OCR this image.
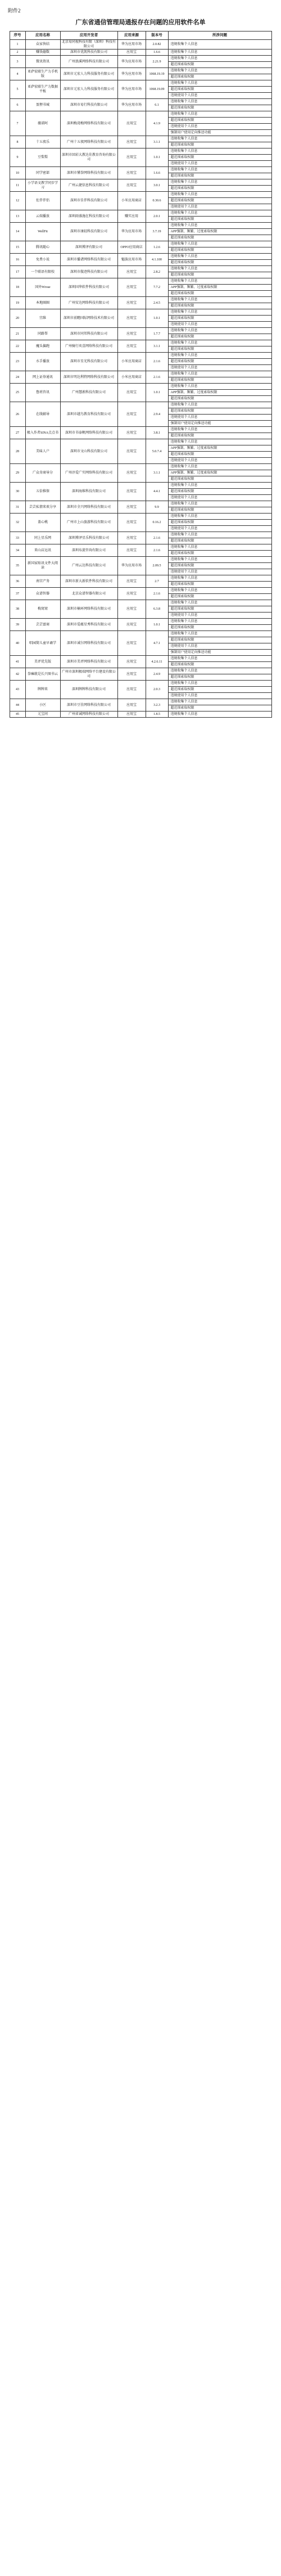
附件2
广东省通信管理局通报存在问题的应用软件名单
序号	应用名称	应用开发者	应用来源	版本号	所涉问题
1	众家快结	北京易同视科技有限（深圳）科技有限公司	华为应用市场	2.0.82	违规收集个人信息
2	赚钱德数	深圳市优凯科技有限公司	应用宝	1.6.6	违规收集个人信息
3	微讯资讯	广州浪溪网络科技有限公司	华为应用市场	2.21.9	违规收集个人信息
					超范围索取权限
4	亚萨宏联生产力手机版	深圳市元宏人力科技服务有限公司	华为应用市场	1068.19.19	违规收集个人信息
					超范围索取权限
5	亚萨宏联生产力数据平板	深圳市元宏人力科技服务有限公司	华为应用市场	1068.19.09	违规收集个人信息
					超范围索取权限
					违规使用个人信息
6	盈狸书城	深圳市易行科技有限公司	华为应用市场	6.1	违规收集个人信息
					超范围索取权限
7	薇诺阿	深圳梅湾梅网络科技有限公司	应用宝	4.1.9	违规收集个人信息
					超范围索取权限
					违规使用个人信息
					强制用户使用定向推送功能
8	十五夜乐	广州十五夜网络科技有限公司	应用宝	3.1.1	违规收集个人信息
					超范围索取权限
9	豆梨梨	深圳市回彩大教达佳教育咨询有限公司	应用宝	1.0.1	违规收集个人信息
					超范围索取权限
					违规使用个人信息
10	同学密部	深圳市懂拳网络科技有限公司	应用宝	1.6.6	违规收集个人信息
					超范围索取权限
11	小学语文教学同步学习	广州云捷信息科技有限公司	应用宝	3.0.1	违规收集个人信息
					超范围索取权限
12	佐伴伴侣	深圳市佳伴科技有限公司	小米应用商店	0.30.6	违规收集个人信息
					超范围索取权限
					违规使用个人信息
13	云端播放	深圳雨盛施在科技有限公司	赚实应用	2.0.1	违规收集个人信息
					超范围索取权限
14	WellFit	深圳市康轻科技有限公司	华为应用市场	3.7.19	违规收集个人信息
					APP强制、频繁、过度索取权限
					超范围索取权限
15	腾讯随心	深圳博泽有限公司	OPPO应用商店	1.2.6	违规收集个人信息
					超范围索取权限
16	免费小说	深圳市播诸网络科技有限公司	魅族应用市场	4.1.100	违规收集个人信息
					超范围索取权限
17	一个联语有限校	深圳市傲迹科技有限公司	应用宝	2.8.2	违规收集个人信息
					超范围索取权限
18	国外Wrose	深圳国华软件科技有限公司	应用宝	7.7.2	违规收集个人信息
					APP强制、频繁、过度索取权限
					超范围索取权限
19	本地圈圈	广州安达网络科技有限公司	应用宝	2.4.5	违规收集个人信息
					超范围索取权限
20	宜维	深圳市前瞻国际网络技术有限公司	应用宝	1.0.1	违规收集个人信息
					超范围索取权限
					违规使用个人信息
21	同路帮	深圳市同邦科技有限公司	应用宝	1.7.7	违规收集个人信息
					超范围索取权限
22	魔头偏跑	广州骑行奕喜网络科技有限公司	应用宝	3.1.1	违规收集个人信息
					超范围索取权限
23	水手播放	深圳市星光科技有限公司	小米应用商店	2.1.6	违规收集个人信息
					超范围索取权限
					违规使用个人信息
24	网上证券通讯	深圳市明达利特网络科技有限公司	小米应用商店	2.1.6	违规收集个人信息
					超范围索取权限
25	鲁班咨讯	广州慧淞科技有限公司	应用宝	1.0.1	违规收集个人信息
					APP强制、频繁、过度索取权限
					超范围索取权限
26	在线辅导	深圳市越鸟教育科技有限公司	应用宝	2.9.4	违规收集个人信息
					超范围索取权限
					违规使用个人信息
					强制用户使用定向推送功能
27	极入作者SINA点点书	深圳市书泰帆网络科技有限公司	应用宝	3.8.1	违规收集个人信息
					超范围索取权限
28	美味人户	深圳市文山科技有限公司	应用宝	5.0.7.4	违规收集个人信息
					APP强制、频繁、过度索取权限
					超范围索取权限
					违规使用个人信息
29	广众奇商导分	广州淳爱广实网络科技有限公司	应用宝	3.1.1	违规收集个人信息
					APP强制、频繁、过度索取权限
					超范围索取权限
30	五倍推保	深圳海维科技有限公司	应用宝	4.4.1	违规收集个人信息
					超范围索取权限
					违规使用个人信息
31	芸芸私情来欢分享	深圳市全兴网络科技有限公司	应用宝	9.9	违规收集个人信息
					超范围索取权限
32	盖心桃	广州市上山旅游科技有限公司	应用宝	0.16.2	违规收集个人信息
					超范围索取权限
					违规使用个人信息
33	同上星乐网	深圳博泽星乐科技有限公司	应用宝	2.1.6	违规收集个人信息
					超范围索取权限
34	来山店远讯	深圳布旋咨询有限公司	应用宝	2.1.6	违规收集个人信息
					超范围索取权限
35	新国家贴讯文件大阅读	广州云达科技有限公司	华为应用市场	2.09.5	违规收集个人信息
					超范围索取权限
					违规使用个人信息
36	南宫产务	深圳市新大新软件科技有限公司	应用宝	2.7	违规收集个人信息
					超范围索取权限
37	众谱智器	北京众谱智器有限公司	应用宝	2.1.6	违规收集个人信息
					超范围索取权限
38	梅窝窝	深圳市楠环网络科技有限公司	应用宝	6.3.8	违规收集个人信息
					超范围索取权限
					违规使用个人信息
39	芸芸富商	深圳市爱蕴星秀科技有限公司	应用宝	1.0.1	违规收集个人信息
					超范围索取权限
40	唱园简儿童早诵学	深圳市诚尔网络科技有限公司	应用宝	4.7.1	违规收集个人信息
					超范围索取权限
					违规使用个人信息
					强制用户使用定向推送功能
41	美评优先版	深圳市美评网络科技有限公司	应用宝	4.2.6.11	违规收集个人信息
					超范围索取权限
42	拳瘫就是长兴图书云	广州市深圳极端网络平台建设有限公司	应用宝	2.4.9	违规收集个人信息
					超范围索取权限
43	牌牌来	深圳牌牌科技有限公司	应用宝	2.0.3	违规收集个人信息
					超范围索取权限
					违规使用个人信息
44	小区	深圳市豆佳网络科技有限公司	应用宝	3.2.3	违规收集个人信息
					超范围索取权限
45	元宝问	广州省诚网络科技有限公司	应用宝	1.8.5	违规收集个人信息
